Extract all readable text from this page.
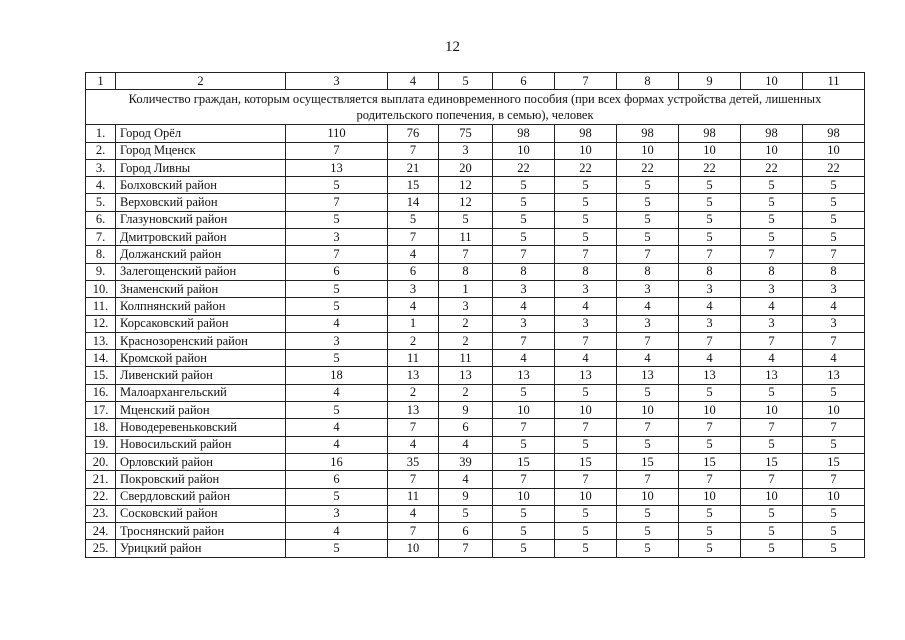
12
1	2	3	4	5	6	7	8	9	10	11
Количество граждан, которым осуществляется выплата единовременного пособия (при всех формах устройства детей, лишенных родительского попечения, в семью), человек										
1.	Город Орёл	110	76	75	98	98	98	98	98	98
2.	Город Мценск	7	7	3	10	10	10	10	10	10
3.	Город Ливны	13	21	20	22	22	22	22	22	22
4.	Болховский район	5	15	12	5	5	5	5	5	5
5.	Верховский район	7	14	12	5	5	5	5	5	5
6.	Глазуновский район	5	5	5	5	5	5	5	5	5
7.	Дмитровский район	3	7	11	5	5	5	5	5	5
8.	Должанский район	7	4	7	7	7	7	7	7	7
9.	Залегощенский район	6	6	8	8	8	8	8	8	8
10.	Знаменский район	5	3	1	3	3	3	3	3	3
11.	Колпнянский район	5	4	3	4	4	4	4	4	4
12.	Корсаковский район	4	1	2	3	3	3	3	3	3
13.	Краснозоренский район	3	2	2	7	7	7	7	7	7
14.	Кромской район	5	11	11	4	4	4	4	4	4
15.	Ливенский район	18	13	13	13	13	13	13	13	13
16.	Малоархангельский	4	2	2	5	5	5	5	5	5
17.	Мценский район	5	13	9	10	10	10	10	10	10
18.	Новодеревеньковский	4	7	6	7	7	7	7	7	7
19.	Новосильский район	4	4	4	5	5	5	5	5	5
20.	Орловский район	16	35	39	15	15	15	15	15	15
21.	Покровский район	6	7	4	7	7	7	7	7	7
22.	Свердловский район	5	11	9	10	10	10	10	10	10
23.	Сосковский район	3	4	5	5	5	5	5	5	5
24.	Троснянский район	4	7	6	5	5	5	5	5	5
25.	Урицкий район	5	10	7	5	5	5	5	5	5
